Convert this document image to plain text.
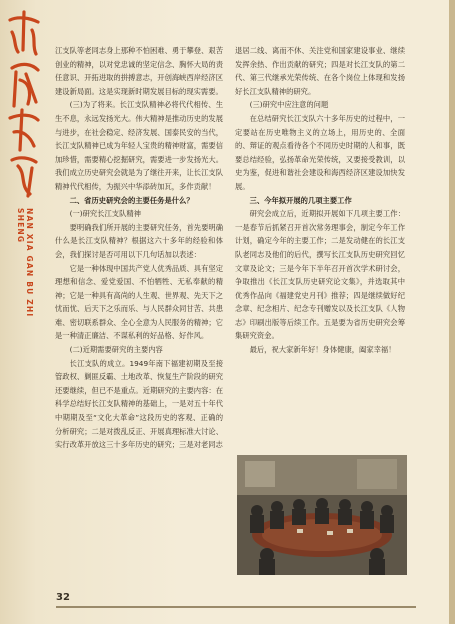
NAN XIA GAN BU ZHI SHENG

江支队等老同志身上那种不怕困难、勇于攀登、艰苦创业的精神，以对党忠诚的坚定信念、胸怀大局的责任意识、开拓进取的拼搏意志，开创海峡西岸经济区建设新局面。这是实现新时期发展目标的现实需要。

(三)为了将来。长江支队精神必将代代相传、生生不息，永远发扬光大。伟大精神是推动历史的发展与进步，在社会稳定、经济发展、国泰民安的当代，长江支队精神已成为年轻人宝贵的精神财富，需要信加珍惜，需要精心挖掘研究，需要进一步发扬光大。我们成立历史研究会就是为了继往开来，让长江支队精神代代相传，为振兴中华添砖加瓦，多作贡献！

二、省历史研究会的主要任务是什么？

(一)研究长江支队精神

要明确我们所开展的主要研究任务，首先要明确什么是长江支队精神？根据这六十多年的经验和体会，我们探讨是否可用以下几句话加以表述：

它是一种体现中国共产党人优秀品质、具有坚定理想和信念、爱党爱国、不怕牺牲、无私奉献的精神；它是一种具有高尚的人生观、世界观、先天下之忧而忧、后天下之乐而乐、与人民群众同甘苦、共患难、密切联系群众、全心全意为人民服务的精神；它是一种清正廉洁、不谋私利的好品格、好作风。

(二)近期需要研究的主要内容

长江支队的成立。1949年南下福建初期及至接管政权、剿匪反霸、土地改革、恢复生产阶段的研究还要继续，但已不是重点。近期研究的主要内容：在科学总结好长江支队精神的基础上，一是对五十年代中期期及至“文化大革命”这段历史的客观、正确的分析研究；二是对拨乱反正、开展真理标准大讨论、实行改革开放这三十多年历史的研究；三是对老同志

退居二线、离而不休、关注党和国家建设事业、继续发挥余热、作出贡献的研究；四是对长江支队的第二代、第三代继承光荣传统、在各个岗位上体现和发扬好长江支队精神的研究。

(三)研究中应注意的问题

在总结研究长江支队六十多年历史的过程中，一定要站在历史唯物主义的立场上，用历史的、全面的、辩证的观点看待各个不同历史时期的人和事，既要总结经验，弘扬革命光荣传统，又要接受教训，以史为鉴，促进和谐社会建设和海西经济区建设加快发展。

三、今年拟开展的几项主要工作

研究会成立后，近期拟开展如下几项主要工作：一是春节后抓紧召开首次常务理事会，制定今年工作计划，确定今年的主要工作；二是发动健在的长江支队老同志及他们的后代，撰写长江支队历史研究回忆文章及论文；三是今年下半年召开首次学术研讨会，争取推出《长江支队历史研究论文集》，并选取其中优秀作品向《福建党史月刊》推荐；四是继续做好纪念章、纪念相片、纪念专刊赠发以及长江支队《人物志》印刷出版等后续工作。五是要为省历史研究会筹集研究资金。

最后，祝大家新年好！身体健康，阖家幸福！

32
